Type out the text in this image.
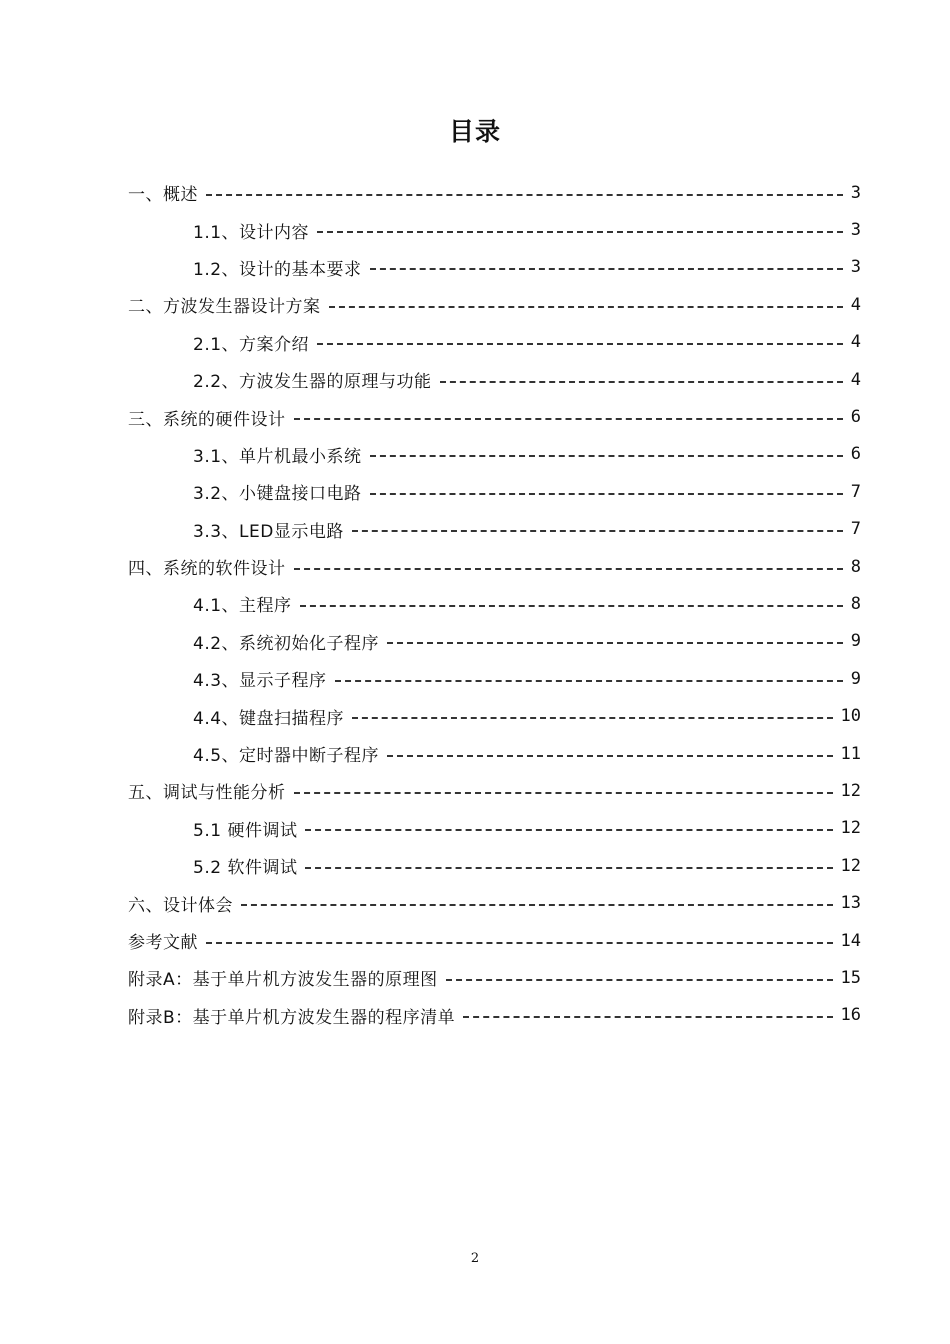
目录
一、概述	3
1.1、设计内容	3
1.2、设计的基本要求	3
二、方波发生器设计方案	4
2.1、方案介绍	4
2.2、方波发生器的原理与功能	4
三、系统的硬件设计	6
3.1、单片机最小系统	6
3.2、小键盘接口电路	7
3.3、LED显示电路	7
四、系统的软件设计	8
4.1、主程序	8
4.2、系统初始化子程序	9
4.3、显示子程序	9
4.4、键盘扫描程序	10
4.5、定时器中断子程序	11
五、调试与性能分析	12
5.1 硬件调试	12
5.2 软件调试	12
六、设计体会	13
参考文献	14
附录A：基于单片机方波发生器的原理图	15
附录B：基于单片机方波发生器的程序清单	16
2
